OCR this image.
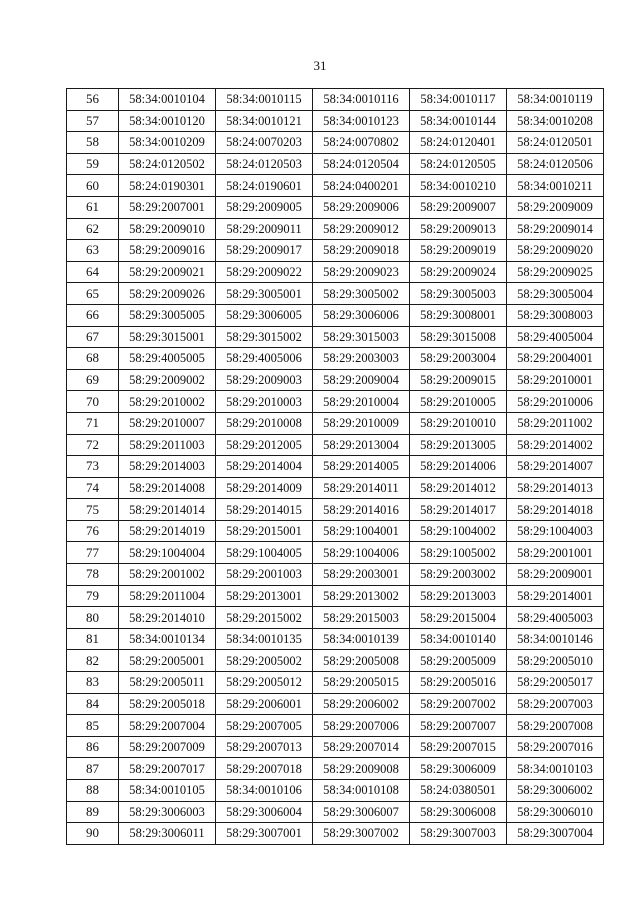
31
56	58:34:0010104	58:34:0010115	58:34:0010116	58:34:0010117	58:34:0010119
57	58:34:0010120	58:34:0010121	58:34:0010123	58:34:0010144	58:34:0010208
58	58:34:0010209	58:24:0070203	58:24:0070802	58:24:0120401	58:24:0120501
59	58:24:0120502	58:24:0120503	58:24:0120504	58:24:0120505	58:24:0120506
60	58:24:0190301	58:24:0190601	58:24:0400201	58:34:0010210	58:34:0010211
61	58:29:2007001	58:29:2009005	58:29:2009006	58:29:2009007	58:29:2009009
62	58:29:2009010	58:29:2009011	58:29:2009012	58:29:2009013	58:29:2009014
63	58:29:2009016	58:29:2009017	58:29:2009018	58:29:2009019	58:29:2009020
64	58:29:2009021	58:29:2009022	58:29:2009023	58:29:2009024	58:29:2009025
65	58:29:2009026	58:29:3005001	58:29:3005002	58:29:3005003	58:29:3005004
66	58:29:3005005	58:29:3006005	58:29:3006006	58:29:3008001	58:29:3008003
67	58:29:3015001	58:29:3015002	58:29:3015003	58:29:3015008	58:29:4005004
68	58:29:4005005	58:29:4005006	58:29:2003003	58:29:2003004	58:29:2004001
69	58:29:2009002	58:29:2009003	58:29:2009004	58:29:2009015	58:29:2010001
70	58:29:2010002	58:29:2010003	58:29:2010004	58:29:2010005	58:29:2010006
71	58:29:2010007	58:29:2010008	58:29:2010009	58:29:2010010	58:29:2011002
72	58:29:2011003	58:29:2012005	58:29:2013004	58:29:2013005	58:29:2014002
73	58:29:2014003	58:29:2014004	58:29:2014005	58:29:2014006	58:29:2014007
74	58:29:2014008	58:29:2014009	58:29:2014011	58:29:2014012	58:29:2014013
75	58:29:2014014	58:29:2014015	58:29:2014016	58:29:2014017	58:29:2014018
76	58:29:2014019	58:29:2015001	58:29:1004001	58:29:1004002	58:29:1004003
77	58:29:1004004	58:29:1004005	58:29:1004006	58:29:1005002	58:29:2001001
78	58:29:2001002	58:29:2001003	58:29:2003001	58:29:2003002	58:29:2009001
79	58:29:2011004	58:29:2013001	58:29:2013002	58:29:2013003	58:29:2014001
80	58:29:2014010	58:29:2015002	58:29:2015003	58:29:2015004	58:29:4005003
81	58:34:0010134	58:34:0010135	58:34:0010139	58:34:0010140	58:34:0010146
82	58:29:2005001	58:29:2005002	58:29:2005008	58:29:2005009	58:29:2005010
83	58:29:2005011	58:29:2005012	58:29:2005015	58:29:2005016	58:29:2005017
84	58:29:2005018	58:29:2006001	58:29:2006002	58:29:2007002	58:29:2007003
85	58:29:2007004	58:29:2007005	58:29:2007006	58:29:2007007	58:29:2007008
86	58:29:2007009	58:29:2007013	58:29:2007014	58:29:2007015	58:29:2007016
87	58:29:2007017	58:29:2007018	58:29:2009008	58:29:3006009	58:34:0010103
88	58:34:0010105	58:34:0010106	58:34:0010108	58:24:0380501	58:29:3006002
89	58:29:3006003	58:29:3006004	58:29:3006007	58:29:3006008	58:29:3006010
90	58:29:3006011	58:29:3007001	58:29:3007002	58:29:3007003	58:29:3007004
